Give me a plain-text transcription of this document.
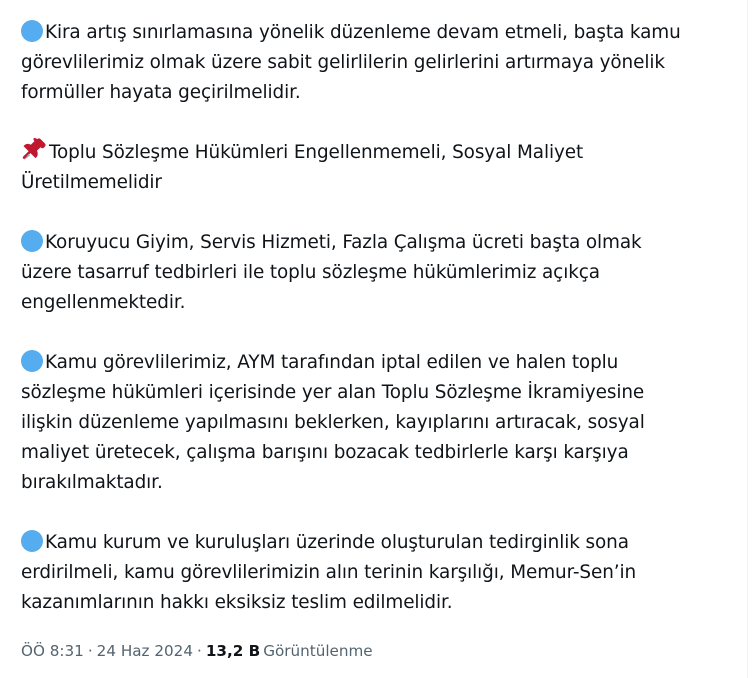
Kira artış sınırlamasına yönelik düzenleme devam etmeli, başta kamu
görevlilerimiz olmak üzere sabit gelirlilerin gelirlerini artırmaya yönelik
formüller hayata geçirilmelidir.
Toplu Sözleşme Hükümleri Engellenmemeli, Sosyal Maliyet
Üretilmemelidir
Koruyucu Giyim, Servis Hizmeti, Fazla Çalışma ücreti başta olmak
üzere tasarruf tedbirleri ile toplu sözleşme hükümlerimiz açıkça
engellenmektedir.
Kamu görevlilerimiz, AYM tarafından iptal edilen ve halen toplu
sözleşme hükümleri içerisinde yer alan Toplu Sözleşme İkramiyesine
ilişkin düzenleme yapılmasını beklerken, kayıplarını artıracak, sosyal
maliyet üretecek, çalışma barışını bozacak tedbirlerle karşı karşıya
bırakılmaktadır.
Kamu kurum ve kuruluşları üzerinde oluşturulan tedirginlik sona
erdirilmeli, kamu görevlilerimizin alın terinin karşılığı, Memur-Sen’in
kazanımlarının hakkı eksiksiz teslim edilmelidir.
ÖÖ 8:31 · 24 Haz 2024 · 13,2 B Görüntülenme
